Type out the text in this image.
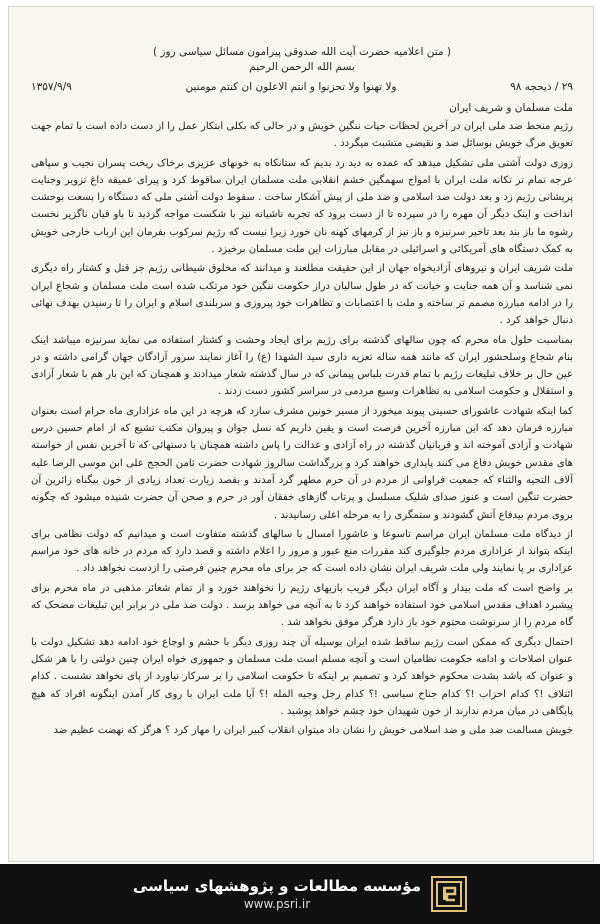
( متن اعلامیه حضرت آیت الله صدوقی پیرامون مسائل سیاسی روز )
بسم الله الرحمن الرحیم
۲۹ / ذیحجه ۹۸
ولا تهنوا ولا تحزنوا و انتم الاعلون ان کنتم مومنین
۱۳۵۷/۹/۹
ملت مسلمان و شریف ایران

رژیم منحط ضد ملی ایران در آخرین لحظات حیات ننگین خویش و در حالی که بکلی ابتکار عمل را از دست داده است با تمام جهت تعویق مرگ خویش بوسائل ضد و نقیضی متشبث میگردد .

روزی دولت آشتی ملی تشکیل میدهد که عمده به دید رد بدیم که ستانکاه به خونهای عزیزی برخاک ریخت پسران نجیب و سپاهی عرجه تمام تر تکانه ملت ایران با امواج سهمگین خشم انقلابی ملت مسلمان ایران ساقوط کرد و پیرای عمیقه داغ تزویر وجنایت پریشانی رژیم زد و بعد دولت ضد اسلامی و ضد ملی از پیش آشکار ساخت . سقوط دولت آشتی ملی که دستگاه را بسعت بوحشت انداخت و اینک دیگر آن مهره را در سپرده تا از دست برود که تجربه ناشیانه نیز با شکست مواجه گردید تا باو قیان ناگزیر نخست رشوه ما باز بند بعد تاخیر سرنیزه و باز نیز از کرمهای کهنه نان خورد زیرا نیست که رژیم سرکوب بفرمان این ارباب خارجی خویش به کمک دستگاه های آمریکائی و اسرائیلی در مقابل مبارزات این ملت مسلمان برخیزد .

ملت شریف ایران و نیروهای آزادیخواه جهان از این حقیقت مطلعند و میدانند که مخلوق شیطانی رژیم جز قتل و کشتار راه دیگری نمی شناسد و آن همه جنایت و خیانت که در طول سالیان دراز حکومت ننگین خود مرتکب شده است ملت مسلمان و شجاع ایران را در ادامه مبارزه مصمم تر ساخته و ملت با اعتصابات و تظاهرات خود پیروزی و سربلندی اسلام و ایران را تا رسیدن بهدف نهائی دنبال خواهد کرد .

بمناسبت حلول ماه محرم که چون سالهای گذشته برای رژیم برای ایجاد وحشت و کشتار استفاده می نماید سرنیزه میباشد اینک بنام شجاع وسلحشور ایران که مانند همه ساله تعزیه داری سید الشهدا (ع) را آغاز نمایند سرور آزادگان جهان گرامی داشته و در عین حال بر خلاف تبلیغات رژیم با تمام قدرت بلباس پیمانی که در سال گذشته شعار میدادند و همچنان که این بار هم با شعار آزادی و استقلال و حکومت اسلامی به تظاهرات وسیع مردمی در سراسر کشور دست زدند .

کما اینکه شهادت عاشورای حسینی پیوند میخورد از مسیر خونین مشرف سازد که هرچه در این ماه عزاداری ماه حرام است بعنوان مبارزه فرمان دهد که این مبارزه آخرین فرصت است و یقین داریم که نسل جوان و پیروان مکتب تشیع که از امام حسین درس شهادت و آزادی آموخته اند و قربانیان گذشته در راه آزادی و عدالت را پاس داشته همچنان با دستهائی که تا آخرین نفس از خواسته های مقدس خویش دفاع می کنند پایداری خواهند کرد و بزرگداشت سالروز شهادت حضرت ثامن الحجج علی ابن موسی الرضا علیه آلاف التحیه والثناء که جمعیت فراوانی از مردم در آن حرم مطهر گرد آمدند و بقصد زیارت تعداد زیادی از خون بیگناه زائرین آن حضرت تنگین است و عنوز صدای شلیک مسلسل و پرتاب گازهای خفقان آور در حرم و صحن آن حضرت شنیده میشود که چگونه بروی مردم بیدفاع آتش گشودند و ستمگری را به مرحله اعلی رسانیدند .

از دیدگاه ملت مسلمان ایران مراسم تاسوعا و عاشورا امسال با سالهای گذشته متفاوت است و میدانیم که دولت نظامی برای اینکه بتواند از عزاداری مردم جلوگیری کند مقررات منع عبور و مرور را اعلام داشته و قصد دارد که مردم در خانه های خود مراسم عزاداری بر پا نمایند ولی ملت شریف ایران نشان داده است که جز برای ماه محرم چنین فرصتی را ازدست نخواهد داد .

بر واضح است که ملت بیدار و آگاه ایران دیگر فریب بازیهای رژیم را نخواهند خورد و از تمام شعائر مذهبی در ماه محرم برای پیشبرد اهداف مقدس اسلامی خود استفاده خواهند کرد تا به آنچه می خواهد برسد . دولت ضد ملی در برابر این تبلیغات مضحک که گاه مردم را از سرنوشت محتوم خود باز دارد هرگز موفق نخواهد شد .

احتمال دیگری که ممکن است رژیم ساقط شده ایران بوسیله آن چند روزی دیگر با حشم و اوجاع خود ادامه دهد تشکیل دولت با عنوان اصلاحات و ادامه حکومت نظامیان است و آنچه مسلم است ملت مسلمان و جمهوری خواه ایران چنین دولتی را با هر شکل و عنوان که باشد بشدت محکوم خواهد کرد و تصمیم بر اینکه تا حکومت اسلامی را بر سرکار نیاورد از پای نخواهد نشست . کدام ائتلاف !؟ کدام احزاب !؟ کدام جناح سیاسی !؟ کدام رجل وجیه المله !؟ آیا ملت ایران با روی کار آمدن اینگونه افراد که هیچ پایگاهی در میان مردم ندارند از خون شهیدان خود چشم خواهد پوشید .

خویش مسالمت ضد ملی و ضد اسلامی خویش را نشان داد میتوان انقلاب کبیر ایران را مهار کرد ؟ هرگز که نهضت عظیم ضد

مؤسسه مطالعات و پژوهشهای سیاسی
www.psri.ir
